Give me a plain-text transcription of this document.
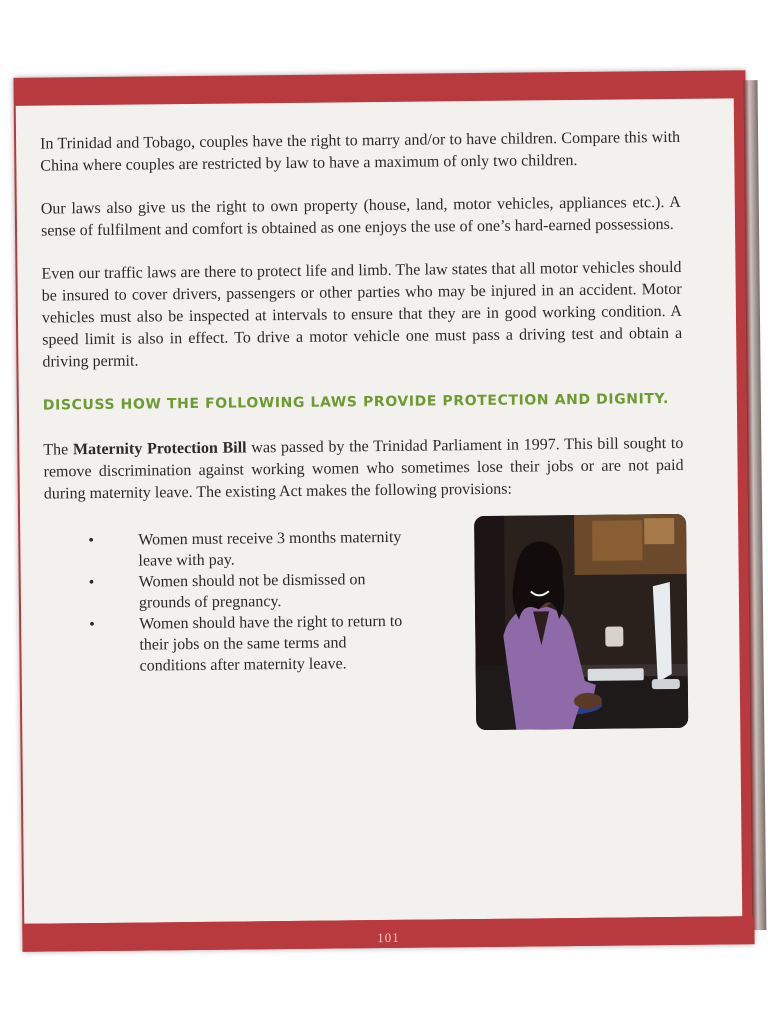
In Trinidad and Tobago, couples have the right to marry and/or to have children. Compare this with China where couples are restricted by law to have a maximum of only two children.

Our laws also give us the right to own property (house, land, motor vehicles, appliances etc.). A sense of fulfilment and comfort is obtained as one enjoys the use of one’s hard-earned possessions.

Even our traffic laws are there to protect life and limb. The law states that all motor vehicles should be insured to cover drivers, passengers or other parties who may be injured in an accident. Motor vehicles must also be inspected at intervals to ensure that they are in good working condition. A speed limit is also in effect. To drive a motor vehicle one must pass a driving test and obtain a driving permit.

DISCUSS HOW THE FOLLOWING LAWS PROVIDE PROTECTION AND DIGNITY.

The Maternity Protection Bill was passed by the Trinidad Parliament in 1997. This bill sought to remove discrimination against working women who sometimes lose their jobs or are not paid during maternity leave. The existing Act makes the following provisions:

•	Women must receive 3 months maternity leave with pay.
•	Women should not be dismissed on grounds of pregnancy.
•	Women should have the right to return to their jobs on the same terms and conditions after maternity leave.
101
